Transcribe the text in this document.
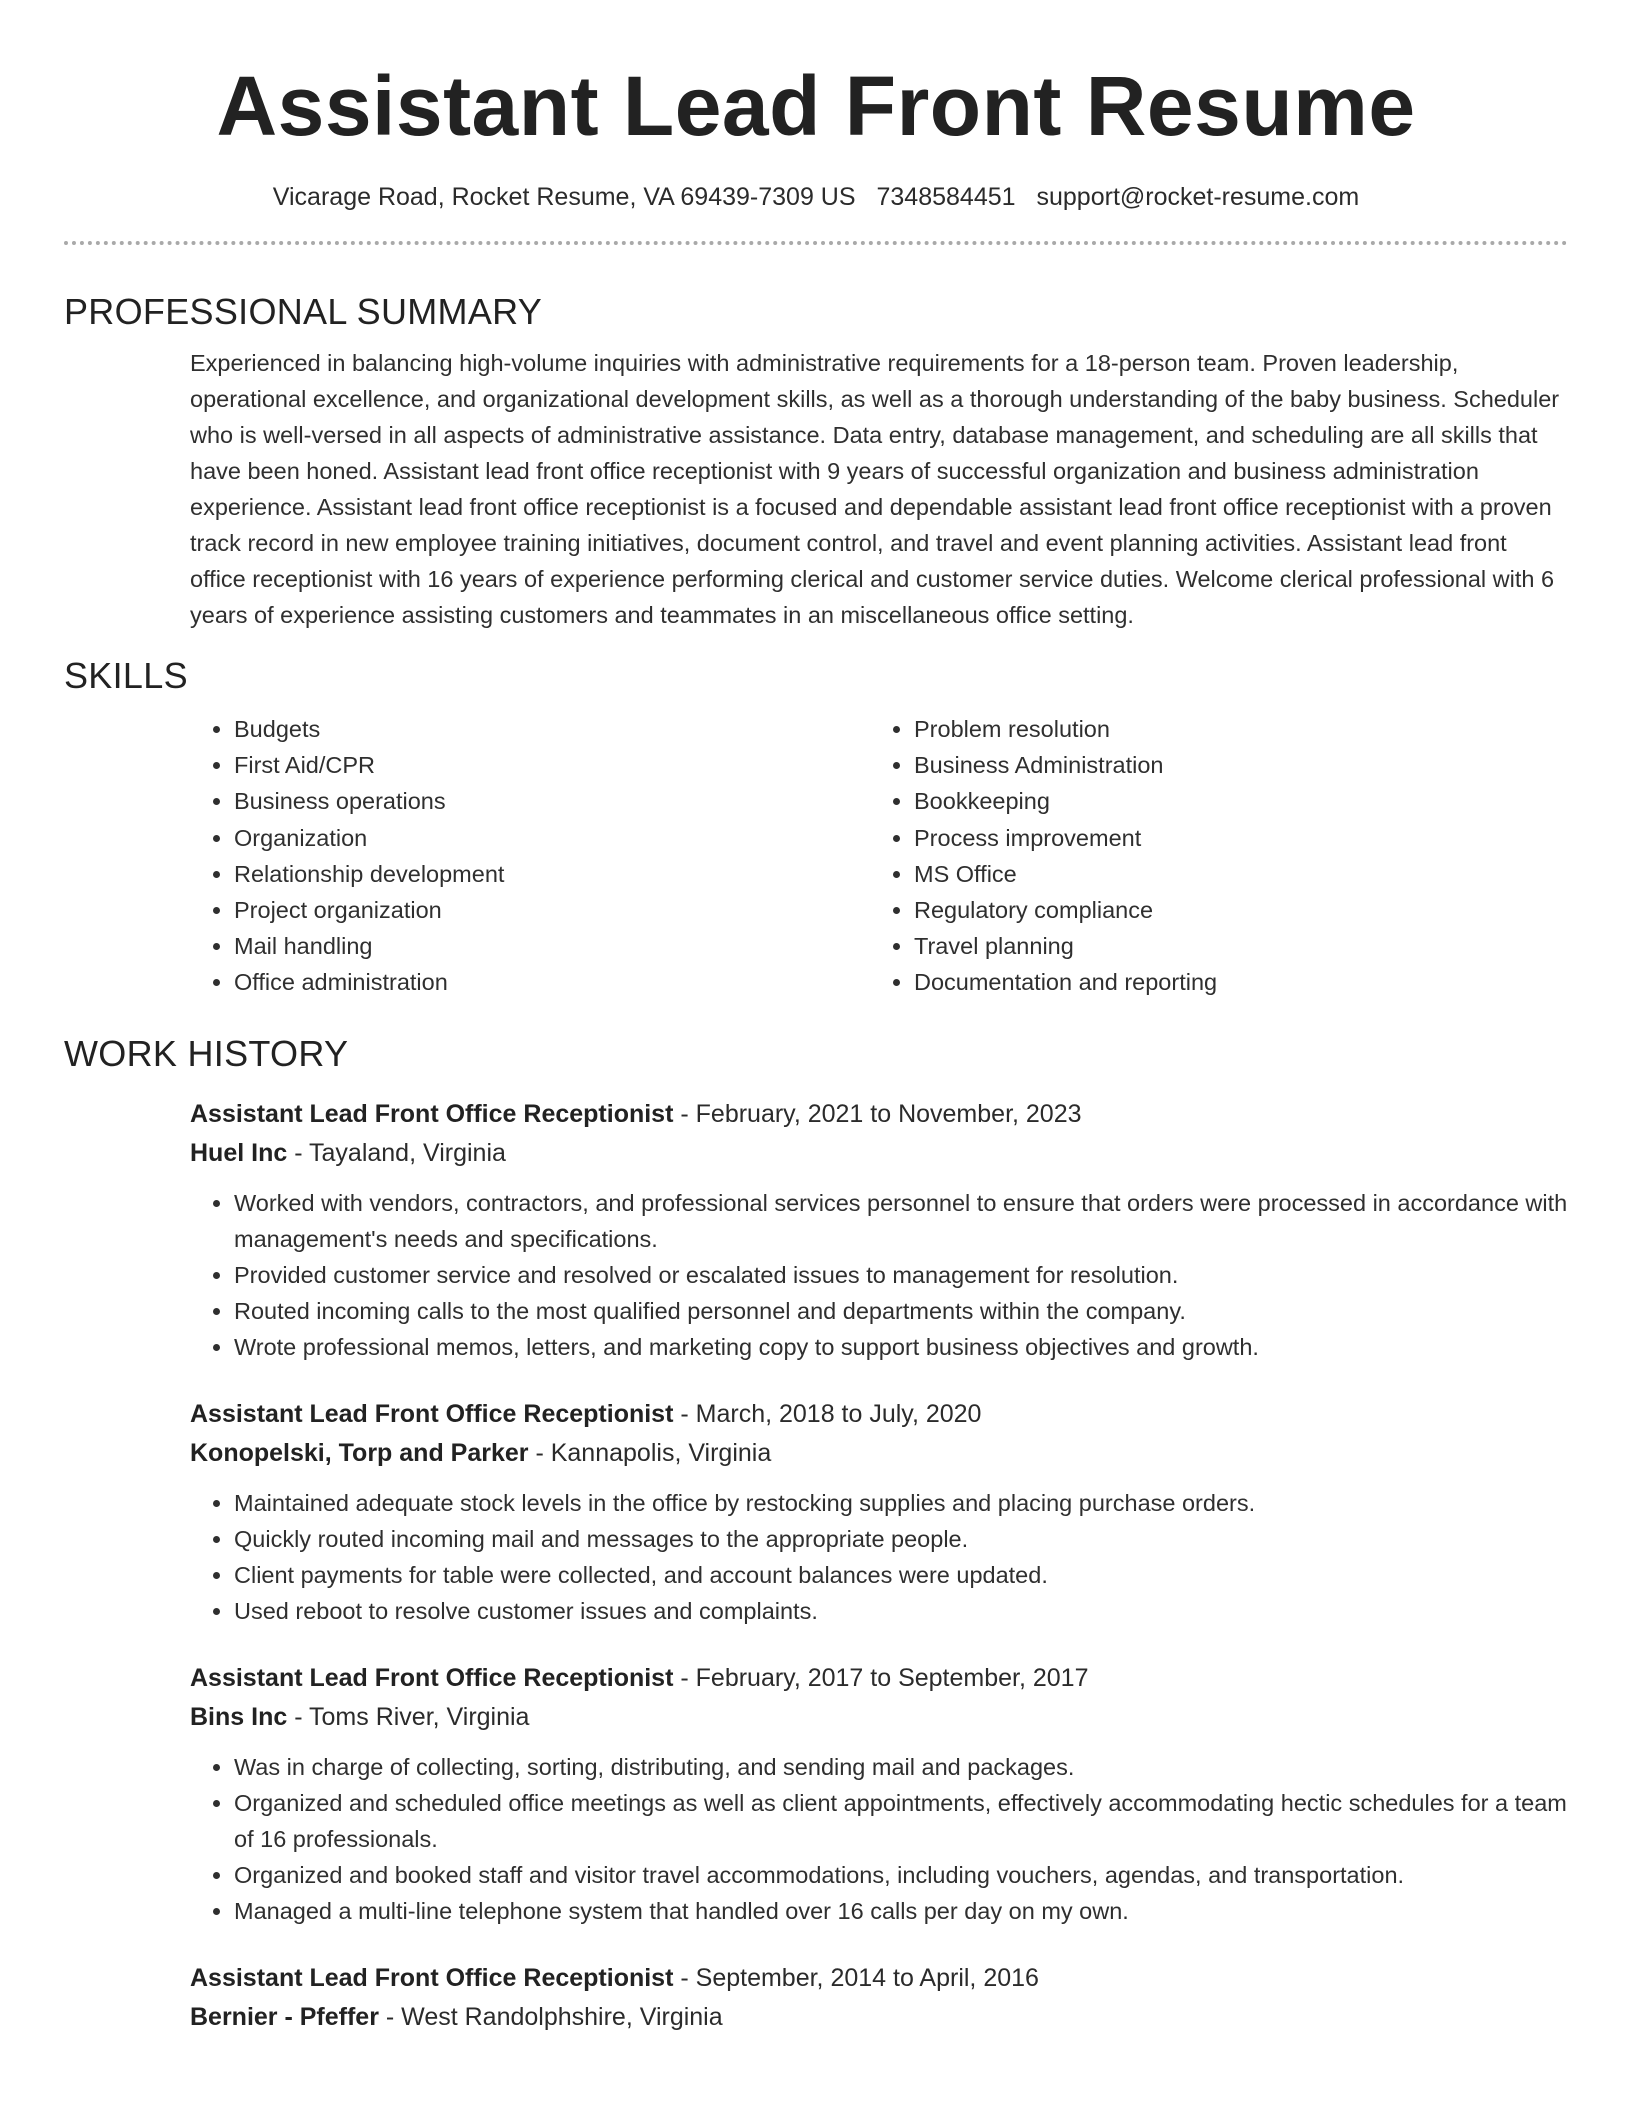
Assistant Lead Front Resume
Vicarage Road, Rocket Resume, VA 69439-7309 US 7348584451 support@rocket-resume.com
PROFESSIONAL SUMMARY

Experienced in balancing high-volume inquiries with administrative requirements for a 18-person team. Proven leadership, operational excellence, and organizational development skills, as well as a thorough understanding of the baby business. Scheduler who is well-versed in all aspects of administrative assistance. Data entry, database management, and scheduling are all skills that have been honed. Assistant lead front office receptionist with 9 years of successful organization and business administration experience. Assistant lead front office receptionist is a focused and dependable assistant lead front office receptionist with a proven track record in new employee training initiatives, document control, and travel and event planning activities. Assistant lead front office receptionist with 16 years of experience performing clerical and customer service duties. Welcome clerical professional with 6 years of experience assisting customers and teammates in an miscellaneous office setting.

SKILLS
• Budgets
• First Aid/CPR
• Business operations
• Organization
• Relationship development
• Project organization
• Mail handling
• Office administration
• Problem resolution
• Business Administration
• Bookkeeping
• Process improvement
• MS Office
• Regulatory compliance
• Travel planning
• Documentation and reporting
WORK HISTORY
Assistant Lead Front Office Receptionist - February, 2021 to November, 2023
Huel Inc - Tayaland, Virginia
• Worked with vendors, contractors, and professional services personnel to ensure that orders were processed in accordance with management's needs and specifications.
• Provided customer service and resolved or escalated issues to management for resolution.
• Routed incoming calls to the most qualified personnel and departments within the company.
• Wrote professional memos, letters, and marketing copy to support business objectives and growth.
Assistant Lead Front Office Receptionist - March, 2018 to July, 2020
Konopelski, Torp and Parker - Kannapolis, Virginia
• Maintained adequate stock levels in the office by restocking supplies and placing purchase orders.
• Quickly routed incoming mail and messages to the appropriate people.
• Client payments for table were collected, and account balances were updated.
• Used reboot to resolve customer issues and complaints.
Assistant Lead Front Office Receptionist - February, 2017 to September, 2017
Bins Inc - Toms River, Virginia
• Was in charge of collecting, sorting, distributing, and sending mail and packages.
• Organized and scheduled office meetings as well as client appointments, effectively accommodating hectic schedules for a team of 16 professionals.
• Organized and booked staff and visitor travel accommodations, including vouchers, agendas, and transportation.
• Managed a multi-line telephone system that handled over 16 calls per day on my own.
Assistant Lead Front Office Receptionist - September, 2014 to April, 2016
Bernier - Pfeffer - West Randolphshire, Virginia
